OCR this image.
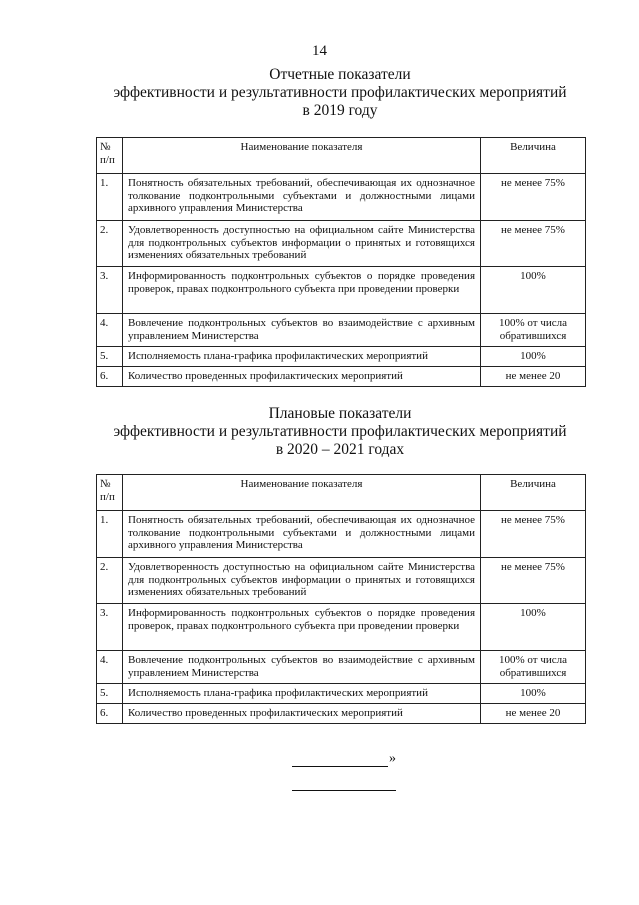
14
Отчетные показатели
эффективности и результативности профилактических мероприятий
в 2019 году
№ п/п	Наименование показателя	Величина
1.	Понятность обязательных требований, обеспечивающая их однозначное толкование подконтрольными субъектами и должностными лицами архивного управления Министерства	не менее 75%
2.	Удовлетворенность доступностью на официальном сайте Министерства для подконтрольных субъектов информации о принятых и готовящихся изменениях обязательных требований	не менее 75%
3.	Информированность подконтрольных субъектов о порядке проведения проверок, правах подконтрольного субъекта при проведении проверки	100%
4.	Вовлечение подконтрольных субъектов во взаимодействие с архивным управлением Министерства	100% от числа обратившихся
5.	Исполняемость плана-графика профилактических мероприятий	100%
6.	Количество проведенных профилактических мероприятий	не менее 20
Плановые показатели
эффективности и результативности профилактических мероприятий
в 2020 – 2021 годах
№ п/п	Наименование показателя	Величина
1.	Понятность обязательных требований, обеспечивающая их однозначное толкование подконтрольными субъектами и должностными лицами архивного управления Министерства	не менее 75%
2.	Удовлетворенность доступностью на официальном сайте Министерства для подконтрольных субъектов информации о принятых и готовящихся изменениях обязательных требований	не менее 75%
3.	Информированность подконтрольных субъектов о порядке проведения проверок, правах подконтрольного субъекта при проведении проверки	100%
4.	Вовлечение подконтрольных субъектов во взаимодействие с архивным управлением Министерства	100% от числа обратившихся
5.	Исполняемость плана-графика профилактических мероприятий	100%
6.	Количество проведенных профилактических мероприятий	не менее 20
»
